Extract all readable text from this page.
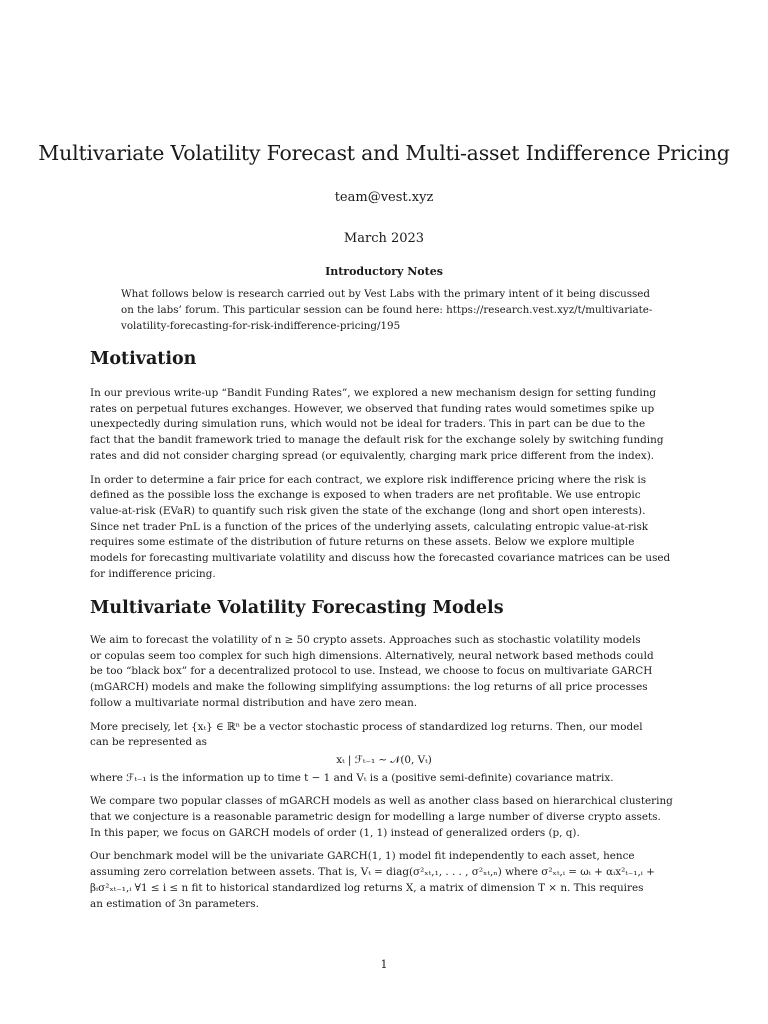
Multivariate Volatility Forecast and Multi-asset Indifference Pricing
team@vest.xyz
March 2023
Introductory Notes
What follows below is research carried out by Vest Labs with the primary intent of it being discussed
on the labs’ forum. This particular session can be found here: https://research.vest.xyz/t/multivariate-
volatility-forecasting-for-risk-indifference-pricing/195
Motivation

In our previous write-up “Bandit Funding Rates”, we explored a new mechanism design for setting funding
rates on perpetual futures exchanges. However, we observed that funding rates would sometimes spike up
unexpectedly during simulation runs, which would not be ideal for traders. This in part can be due to the
fact that the bandit framework tried to manage the default risk for the exchange solely by switching funding
rates and did not consider charging spread (or equivalently, charging mark price different from the index).

In order to determine a fair price for each contract, we explore risk indifference pricing where the risk is
defined as the possible loss the exchange is exposed to when traders are net profitable. We use entropic
value-at-risk (EVaR) to quantify such risk given the state of the exchange (long and short open interests).
Since net trader PnL is a function of the prices of the underlying assets, calculating entropic value-at-risk
requires some estimate of the distribution of future returns on these assets. Below we explore multiple
models for forecasting multivariate volatility and discuss how the forecasted covariance matrices can be used
for indifference pricing.

Multivariate Volatility Forecasting Models

We aim to forecast the volatility of n ≥ 50 crypto assets. Approaches such as stochastic volatility models
or copulas seem too complex for such high dimensions. Alternatively, neural network based methods could
be too “black box” for a decentralized protocol to use. Instead, we choose to focus on multivariate GARCH
(mGARCH) models and make the following simplifying assumptions: the log returns of all price processes
follow a multivariate normal distribution and have zero mean.

More precisely, let {xₜ} ∈ ℝⁿ be a vector stochastic process of standardized log returns. Then, our model
can be represented as

xₜ | ℱₜ₋₁ ∼ 𝒩(0, Vₜ)

where ℱₜ₋₁ is the information up to time t − 1 and Vₜ is a (positive semi-definite) covariance matrix.

We compare two popular classes of mGARCH models as well as another class based on hierarchical clustering
that we conjecture is a reasonable parametric design for modelling a large number of diverse crypto assets.
In this paper, we focus on GARCH models of order (1, 1) instead of generalized orders (p, q).

Our benchmark model will be the univariate GARCH(1, 1) model fit independently to each asset, hence
assuming zero correlation between assets. That is, Vₜ = diag(σ²ₓₜ,₁, . . . , σ²ₓₜ,ₙ) where σ²ₓₜ,ᵢ = ωᵢ + αᵢx²ₜ₋₁,ᵢ +
βᵢσ²ₓₜ₋₁,ᵢ ∀1 ≤ i ≤ n fit to historical standardized log returns X, a matrix of dimension T × n. This requires
an estimation of 3n parameters.

1
